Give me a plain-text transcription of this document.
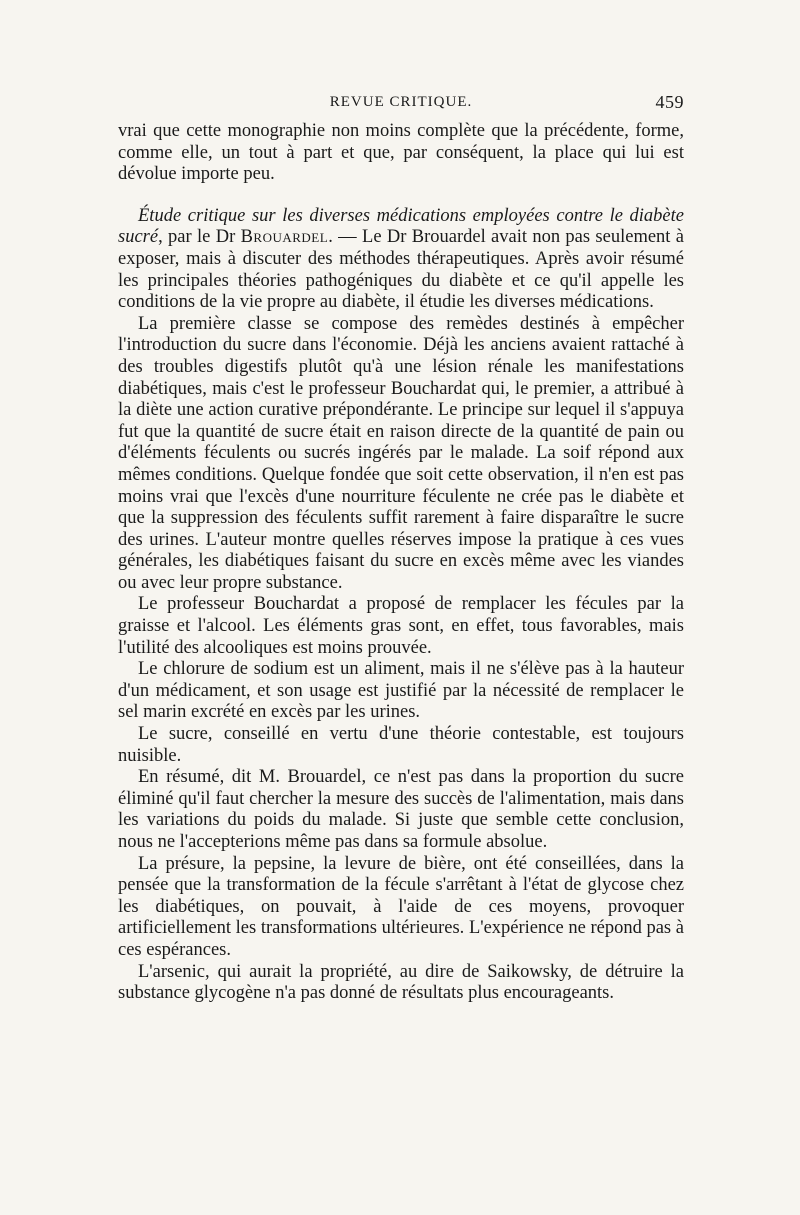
REVUE CRITIQUE.	459

vrai que cette monographie non moins complète que la précédente, forme, comme elle, un tout à part et que, par conséquent, la place qui lui est dévolue importe peu.

Étude critique sur les diverses médications employées contre le diabète sucré, par le Dr Brouardel. — Le Dr Brouardel avait non pas seulement à exposer, mais à discuter des méthodes thérapeutiques. Après avoir résumé les principales théories pathogéniques du diabète et ce qu'il appelle les conditions de la vie propre au diabète, il étudie les diverses médications.

La première classe se compose des remèdes destinés à empêcher l'introduction du sucre dans l'économie. Déjà les anciens avaient rattaché à des troubles digestifs plutôt qu'à une lésion rénale les manifestations diabétiques, mais c'est le professeur Bouchardat qui, le premier, a attribué à la diète une action curative prépondérante. Le principe sur lequel il s'appuya fut que la quantité de sucre était en raison directe de la quantité de pain ou d'éléments féculents ou sucrés ingérés par le malade. La soif répond aux mêmes conditions. Quelque fondée que soit cette observation, il n'en est pas moins vrai que l'excès d'une nourriture féculente ne crée pas le diabète et que la suppression des féculents suffit rarement à faire disparaître le sucre des urines. L'auteur montre quelles réserves impose la pratique à ces vues générales, les diabétiques faisant du sucre en excès même avec les viandes ou avec leur propre substance.

Le professeur Bouchardat a proposé de remplacer les fécules par la graisse et l'alcool. Les éléments gras sont, en effet, tous favorables, mais l'utilité des alcooliques est moins prouvée.

Le chlorure de sodium est un aliment, mais il ne s'élève pas à la hauteur d'un médicament, et son usage est justifié par la nécessité de remplacer le sel marin excrété en excès par les urines.

Le sucre, conseillé en vertu d'une théorie contestable, est toujours nuisible.

En résumé, dit M. Brouardel, ce n'est pas dans la proportion du sucre éliminé qu'il faut chercher la mesure des succès de l'alimentation, mais dans les variations du poids du malade. Si juste que semble cette conclusion, nous ne l'accepterions même pas dans sa formule absolue.

La présure, la pepsine, la levure de bière, ont été conseillées, dans la pensée que la transformation de la fécule s'arrêtant à l'état de glycose chez les diabétiques, on pouvait, à l'aide de ces moyens, provoquer artificiellement les transformations ultérieures. L'expérience ne répond pas à ces espérances.

L'arsenic, qui aurait la propriété, au dire de Saikowsky, de détruire la substance glycogène n'a pas donné de résultats plus encourageants.
